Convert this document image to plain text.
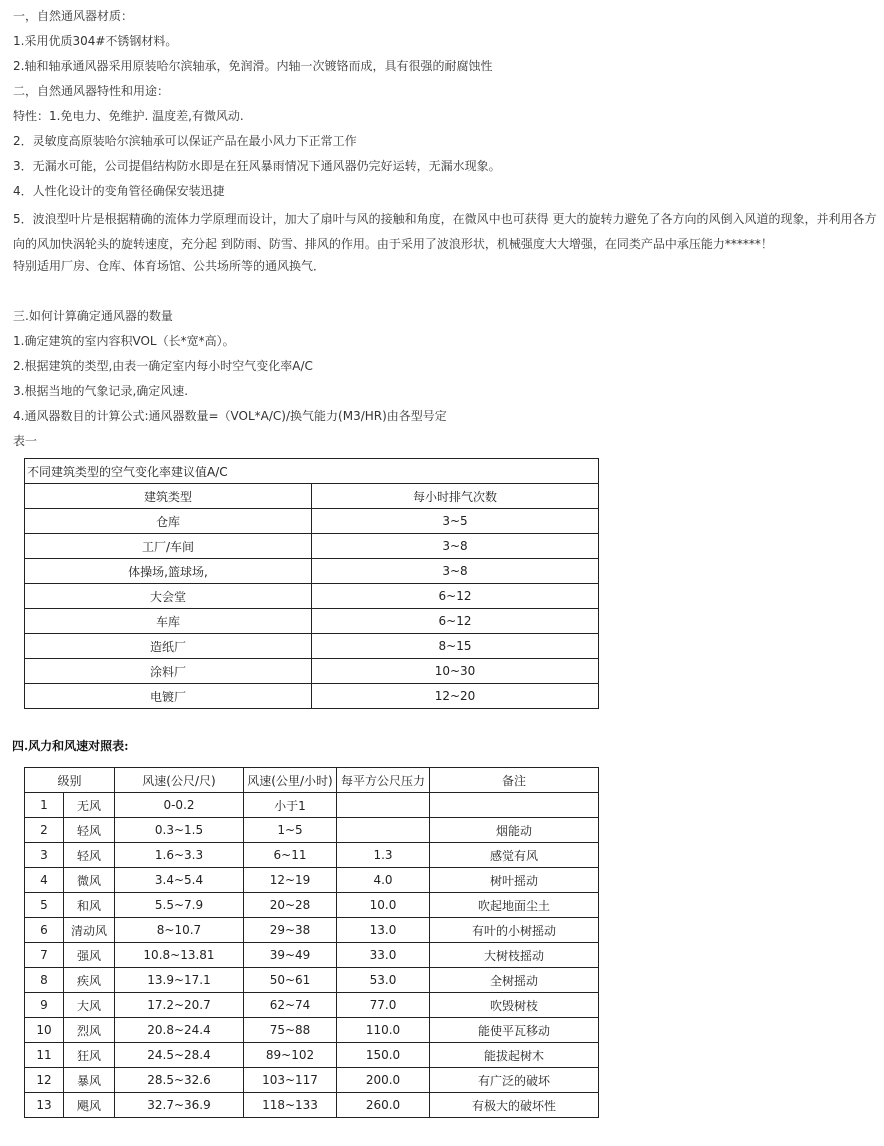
一，自然通风器材质：
1.采用优质304#不锈钢材料。
2.轴和轴承通风器采用原装哈尔滨轴承，免润滑。内轴一次镀铬而成，具有很强的耐腐蚀性
二，自然通风器特性和用途：
特性：1.免电力、免维护. 温度差,有微风动.
2．灵敏度高原装哈尔滨轴承可以保证产品在最小风力下正常工作
3．无漏水可能，公司提倡结构防水即是在狂风暴雨情况下通风器仍完好运转，无漏水现象。
4．人性化设计的变角管径确保安装迅捷
5．波浪型叶片是根据精确的流体力学原理而设计，加大了扇叶与风的接触和角度，在微风中也可获得 更大的旋转力避免了各方向的风倒入风道的现象，并利用各方向的风加快涡轮头的旋转速度，充分起 到防雨、防雪、排风的作用。由于采用了波浪形状，机械强度大大增强，在同类产品中承压能力******！
特别适用厂房、仓库、体育场馆、公共场所等的通风换气．
三.如何计算确定通风器的数量
1.确定建筑的室内容积VOL（长*宽*高）。
2.根据建筑的类型,由表一确定室内每小时空气变化率A/C
3.根据当地的气象记录,确定风速.
4.通风器数目的计算公式:通风器数量=（VOL*A/C)/换气能力(M3/HR)由各型号定
表一
不同建筑类型的空气变化率建议值A/C	
建筑类型	每小时排气次数
仓库	3~5
工厂/车间	3~8
体操场,篮球场,	3~8
大会堂	6~12
车库	6~12
造纸厂	8~15
涂料厂	10~30
电镀厂	12~20
四.风力和风速对照表:
级别		风速(公尺/尺)	风速(公里/小时)	每平方公尺压力	备注
1	无风	0-0.2	小于1		
2	轻风	0.3~1.5	1~5		烟能动
3	轻风	1.6~3.3	6~11	1.3	感觉有风
4	微风	3.4~5.4	12~19	4.0	树叶摇动
5	和风	5.5~7.9	20~28	10.0	吹起地面尘土
6	清动风	8~10.7	29~38	13.0	有叶的小树摇动
7	强风	10.8~13.81	39~49	33.0	大树枝摇动
8	疾风	13.9~17.1	50~61	53.0	全树摇动
9	大风	17.2~20.7	62~74	77.0	吹毁树枝
10	烈风	20.8~24.4	75~88	110.0	能使平瓦移动
11	狂风	24.5~28.4	89~102	150.0	能拔起树木
12	暴风	28.5~32.6	103~117	200.0	有广泛的破坏
13	飓风	32.7~36.9	118~133	260.0	有极大的破坏性
